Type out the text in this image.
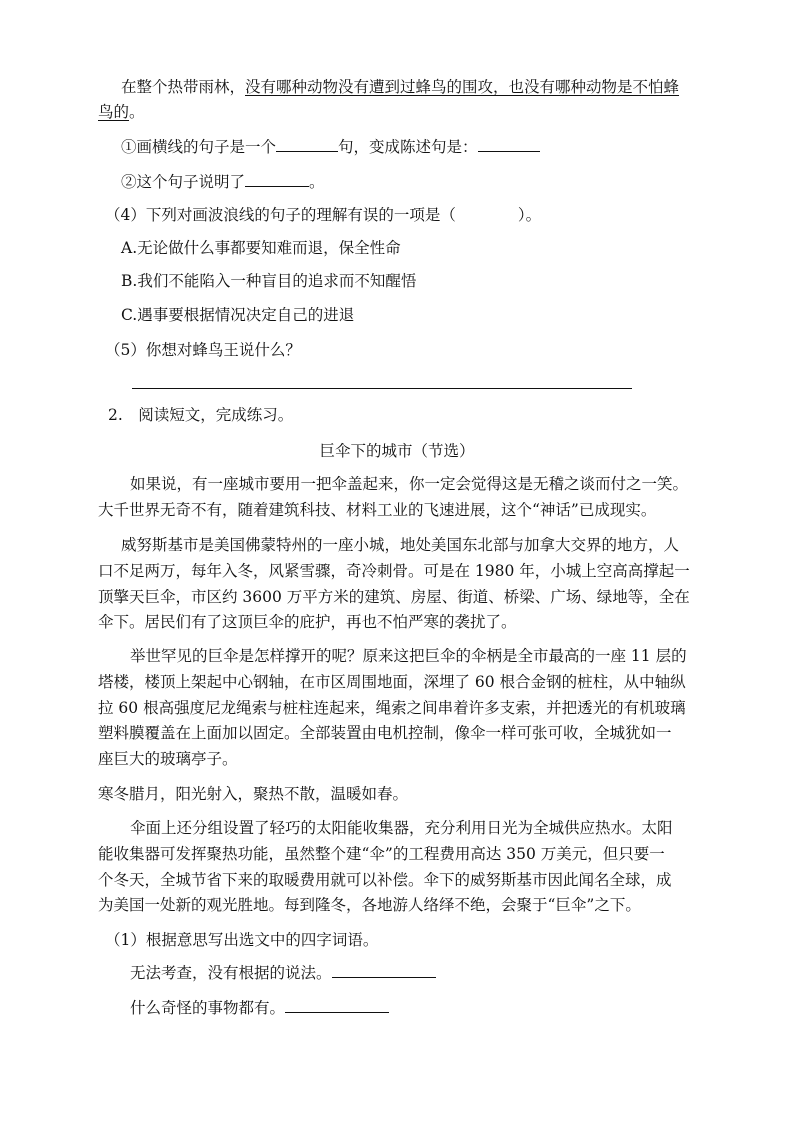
在整个热带雨林，没有哪种动物没有遭到过蜂鸟的围攻，也没有哪种动物是不怕蜂
鸟的。
①画横线的句子是一个	句，变成陈述句是：
②这个句子说明了	。
（4）下列对画波浪线的句子的理解有误的一项是（	）。
A.无论做什么事都要知难而退，保全性命
B.我们不能陷入一种盲目的追求而不知醒悟
C.遇事要根据情况决定自己的进退
（5）你想对蜂鸟王说什么？
2.　阅读短文，完成练习。
巨伞下的城市（节选）
如果说，有一座城市要用一把伞盖起来，你一定会觉得这是无稽之谈而付之一笑。
大千世界无奇不有，随着建筑科技、材料工业的飞速进展，这个“神话”已成现实。
威努斯基市是美国佛蒙特州的一座小城，地处美国东北部与加拿大交界的地方，人
口不足两万，每年入冬，风紧雪骤，奇冷刺骨。可是在 1980 年，小城上空高高撑起一
顶擎天巨伞，市区约 3600 万平方米的建筑、房屋、街道、桥梁、广场、绿地等，全在
伞下。居民们有了这顶巨伞的庇护，再也不怕严寒的袭扰了。
举世罕见的巨伞是怎样撑开的呢？原来这把巨伞的伞柄是全市最高的一座 11 层的
塔楼，楼顶上架起中心钢轴，在市区周围地面，深埋了 60 根合金钢的桩柱，从中轴纵
拉 60 根高强度尼龙绳索与桩柱连起来，绳索之间串着许多支索，并把透光的有机玻璃
塑料膜覆盖在上面加以固定。全部装置由电机控制，像伞一样可张可收，全城犹如一
座巨大的玻璃亭子。
寒冬腊月，阳光射入，聚热不散，温暖如春。
伞面上还分组设置了轻巧的太阳能收集器，充分利用日光为全城供应热水。太阳
能收集器可发挥聚热功能，虽然整个建“伞”的工程费用高达 350 万美元，但只要一
个冬天，全城节省下来的取暖费用就可以补偿。伞下的威努斯基市因此闻名全球，成
为美国一处新的观光胜地。每到隆冬，各地游人络绎不绝，会聚于“巨伞”之下。
（1）根据意思写出选文中的四字词语。
无法考查，没有根据的说法。
什么奇怪的事物都有。
